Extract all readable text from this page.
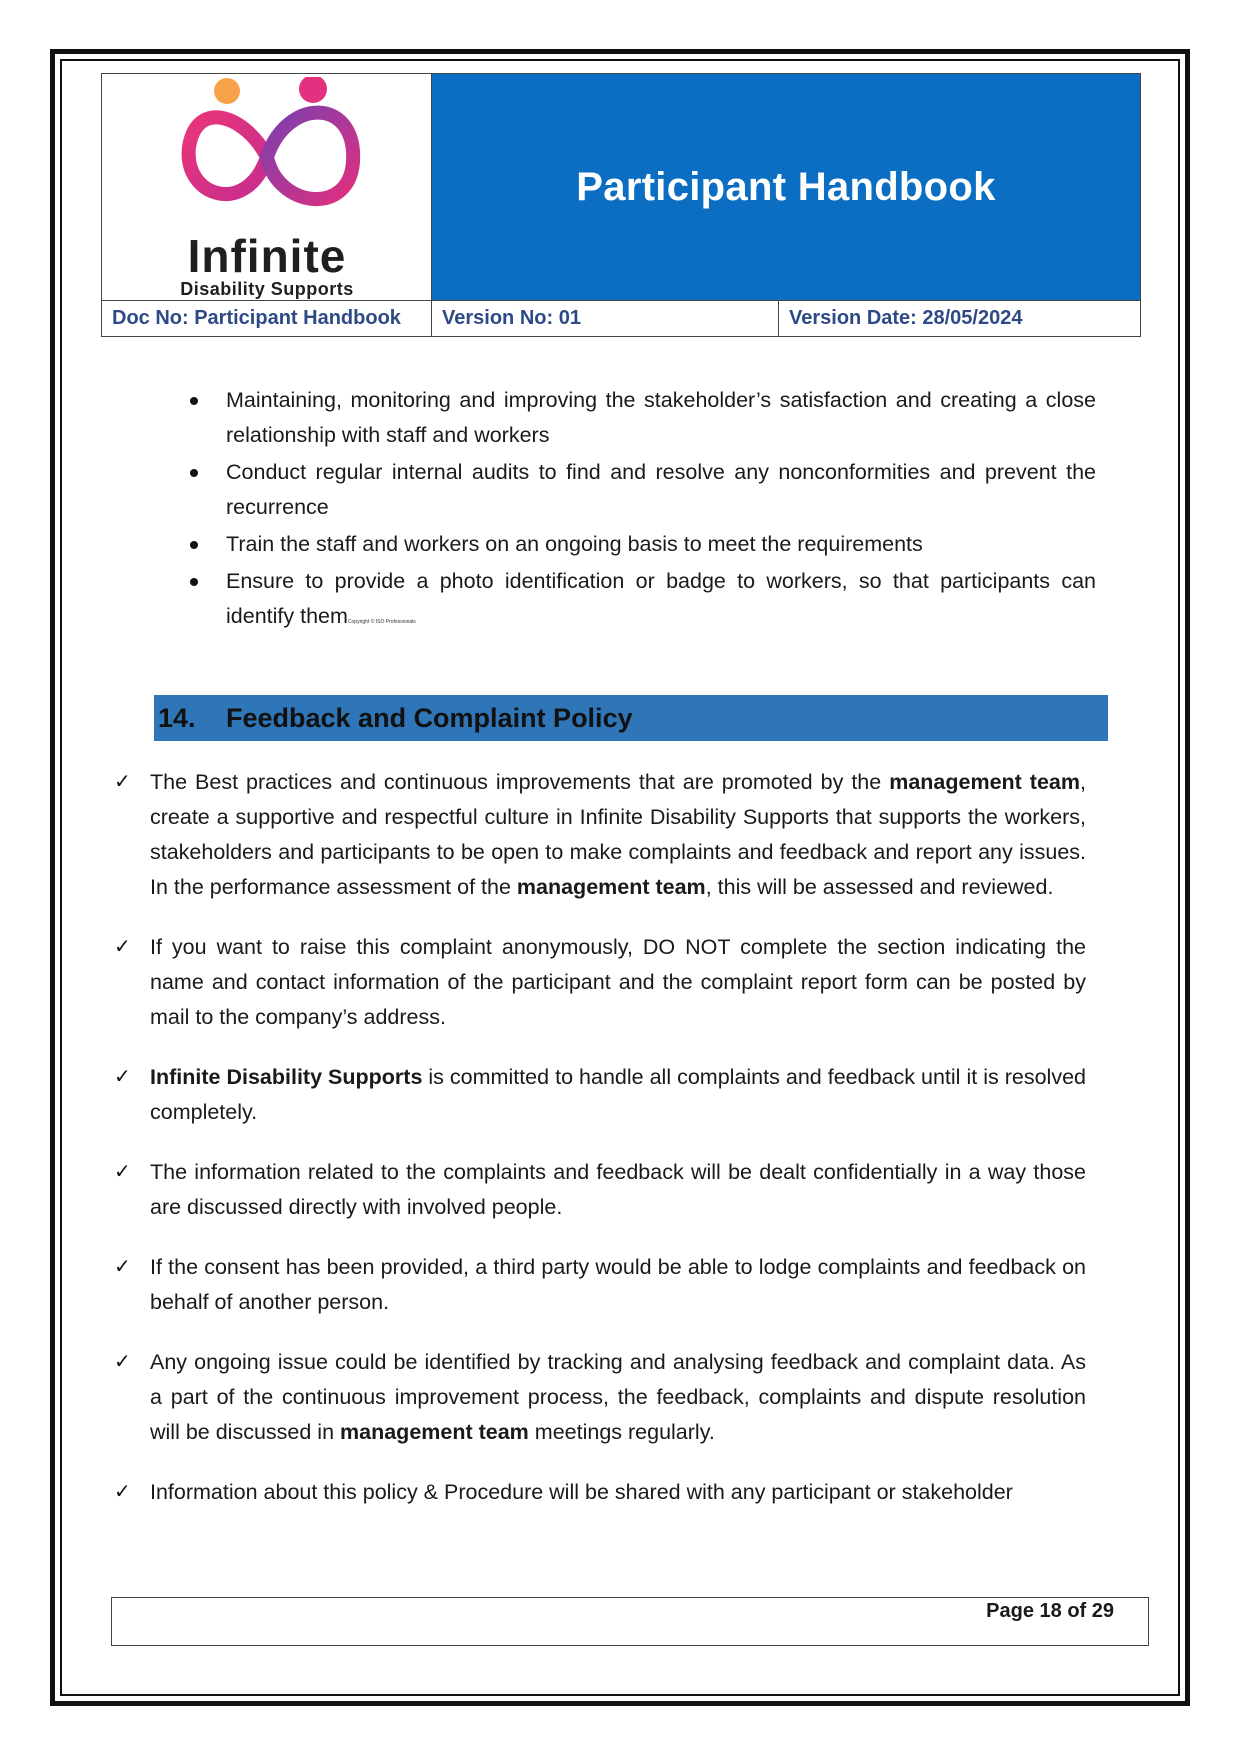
Infinite
Disability Supports
Participant Handbook
Doc No: Participant Handbook	Version No: 01	Version Date: 28/05/2024
Maintaining, monitoring and improving the stakeholder’s satisfaction and creating a close relationship with staff and workers
Conduct regular internal audits to find and resolve any nonconformities and prevent the recurrence
Train the staff and workers on an ongoing basis to meet the requirements
Ensure to provide a photo identification or badge to workers, so that participants can identify themCopyright © ISO Professionals
14.	Feedback and Complaint Policy
✓ The Best practices and continuous improvements that are promoted by the management team, create a supportive and respectful culture in Infinite Disability Supports that supports the workers, stakeholders and participants to be open to make complaints and feedback and report any issues. In the performance assessment of the management team, this will be assessed and reviewed.
✓ If you want to raise this complaint anonymously, DO NOT complete the section indicating the name and contact information of the participant and the complaint report form can be posted by mail to the company’s address.
✓ Infinite Disability Supports is committed to handle all complaints and feedback until it is resolved completely.
✓ The information related to the complaints and feedback will be dealt confidentially in a way those are discussed directly with involved people.
✓ If the consent has been provided, a third party would be able to lodge complaints and feedback on behalf of another person.
✓ Any ongoing issue could be identified by tracking and analysing feedback and complaint data. As a part of the continuous improvement process, the feedback, complaints and dispute resolution will be discussed in management team meetings regularly.
✓ Information about this policy & Procedure will be shared with any participant or stakeholder
Page 18 of 29
